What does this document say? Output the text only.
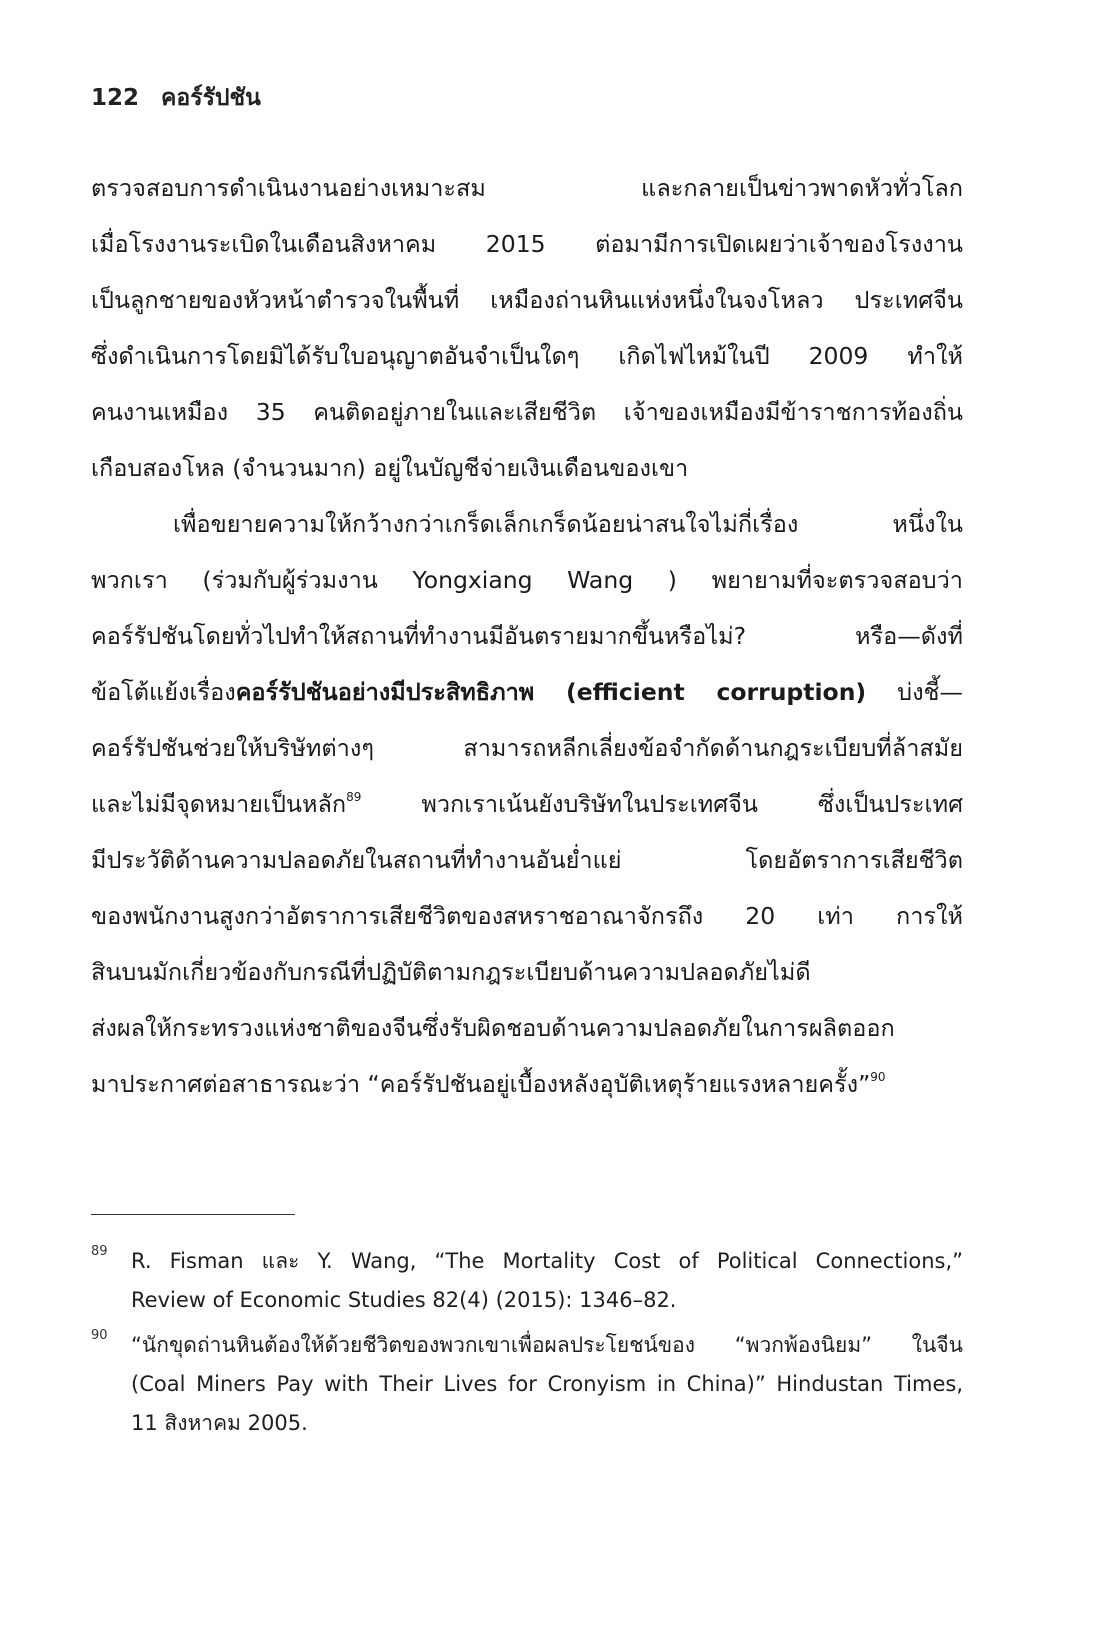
122 คอร์รัปชัน
ตรวจสอบการดำเนินงานอย่างเหมาะสม และกลายเป็นข่าวพาดหัวทั่วโลก
เมื่อโรงงานระเบิดในเดือนสิงหาคม 2015 ต่อมามีการเปิดเผยว่าเจ้าของโรงงาน
เป็นลูกชายของหัวหน้าตำรวจในพื้นที่ เหมืองถ่านหินแห่งหนึ่งในจงโหลว ประเทศจีน
ซึ่งดำเนินการโดยมิได้รับใบอนุญาตอันจำเป็นใดๆ เกิดไฟไหม้ในปี 2009 ทำให้
คนงานเหมือง 35 คนติดอยู่ภายในและเสียชีวิต เจ้าของเหมืองมีข้าราชการท้องถิ่น
เกือบสองโหล (จำนวนมาก) อยู่ในบัญชีจ่ายเงินเดือนของเขา
เพื่อขยายความให้กว้างกว่าเกร็ดเล็กเกร็ดน้อยน่าสนใจไม่กี่เรื่อง หนึ่งใน
พวกเรา (ร่วมกับผู้ร่วมงาน Yongxiang Wang ) พยายามที่จะตรวจสอบว่า
คอร์รัปชันโดยทั่วไปทำให้สถานที่ทำงานมีอันตรายมากขึ้นหรือไม่? หรือ—ดังที่
ข้อโต้แย้งเรื่องคอร์รัปชันอย่างมีประสิทธิภาพ (efficient corruption) บ่งชี้—
คอร์รัปชันช่วยให้บริษัทต่างๆ สามารถหลีกเลี่ยงข้อจำกัดด้านกฎระเบียบที่ล้าสมัย
และไม่มีจุดหมายเป็นหลัก$^{89}$ พวกเราเน้นยังบริษัทในประเทศจีน ซึ่งเป็นประเทศ
มีประวัติด้านความปลอดภัยในสถานที่ทำงานอันย่ำแย่ โดยอัตราการเสียชีวิต
ของพนักงานสูงกว่าอัตราการเสียชีวิตของสหราชอาณาจักรถึง 20 เท่า การให้
สินบนมักเกี่ยวข้องกับกรณีที่ปฏิบัติตามกฎระเบียบด้านความปลอดภัยไม่ดี
ส่งผลให้กระทรวงแห่งชาติของจีนซึ่งรับผิดชอบด้านความปลอดภัยในการผลิตออก
มาประกาศต่อสาธารณะว่า “คอร์รัปชันอยู่เบื้องหลังอุบัติเหตุร้ายแรงหลายครั้ง”$^{90}$
89 R. Fisman และ Y. Wang, “The Mortality Cost of Political Connections,”
Review of Economic Studies 82(4) (2015): 1346–82.
90 “นักขุดถ่านหินต้องให้ด้วยชีวิตของพวกเขาเพื่อผลประโยชน์ของ “พวกพ้องนิยม” ในจีน
(Coal Miners Pay with Their Lives for Cronyism in China)” Hindustan Times,
11 สิงหาคม 2005.
